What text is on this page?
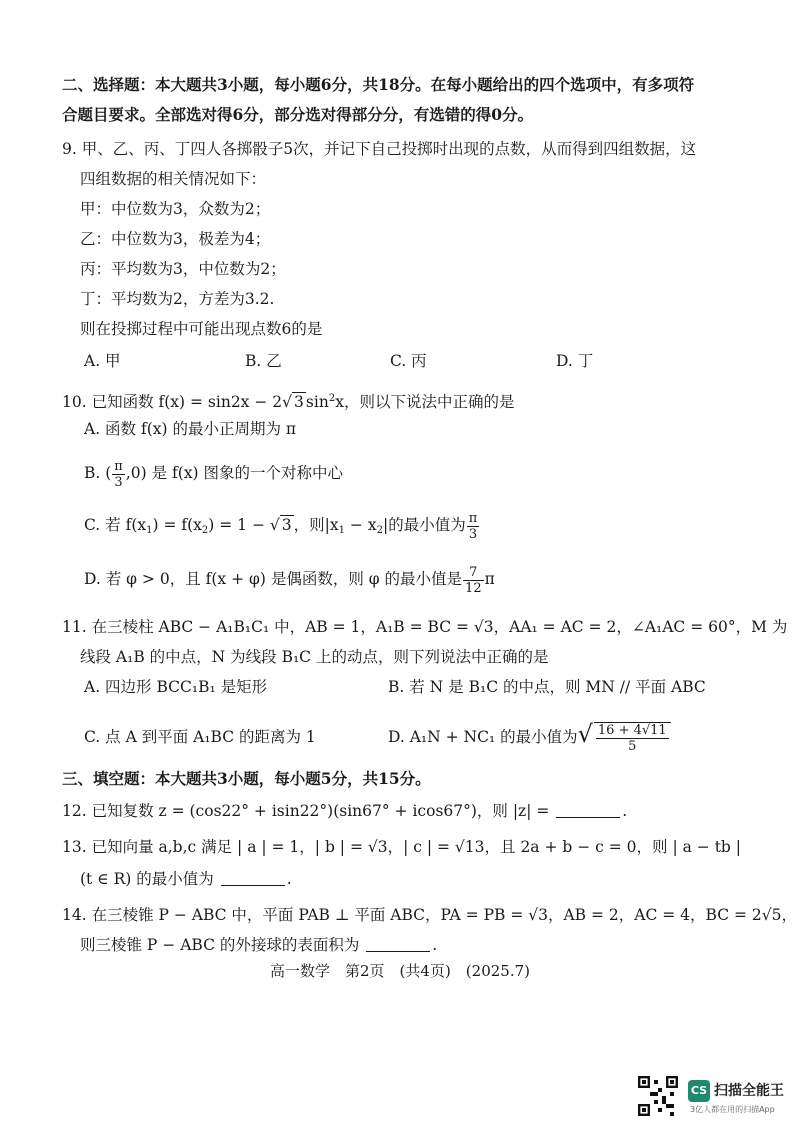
二、选择题：本大题共3小题，每小题6分，共18分。在每小题给出的四个选项中，有多项符
合题目要求。全部选对得6分，部分选对得部分分，有选错的得0分。
9. 甲、乙、丙、丁四人各掷骰子5次，并记下自己投掷时出现的点数，从而得到四组数据，这
四组数据的相关情况如下：
甲：中位数为3，众数为2；
乙：中位数为3，极差为4；
丙：平均数为3，中位数为2；
丁：平均数为2，方差为3.2.
则在投掷过程中可能出现点数6的是
A. 甲	B. 乙	C. 丙	D. 丁
10. 已知函数 f(x) = sin2x − 2√ 3 $\sin^2x$，则以下说法中正确的是
A. 函数 f(x) 的最小正周期为 π
B. ( $\frac{\pi}{3} ,0$) 是 f(x) 图象的一个对称中心
C. 若 $f(x_1) = f(x_2) = 1$ − √ 3 ，则$|x_1 - x_2|$的最小值为 $\frac{\pi}{3}$
D. 若 φ > 0，且 f(x + φ) 是偶函数，则 φ 的最小值是 $\frac{7}{12}$ π
11. 在三棱柱 ABC − A₁B₁C₁ 中，AB = 1，A₁B = BC = √3，AA₁ = AC = 2，∠A₁AC = 60°，M 为
线段 A₁B 的中点，N 为线段 B₁C 上的动点，则下列说法中正确的是
A. 四边形 BCC₁B₁ 是矩形	B. 若 N 是 B₁C 的中点，则 MN // 平面 ABC
C. 点 A 到平面 A₁BC 的距离为 1	D. A₁N + NC₁ 的最小值为√ $\frac{16 + 4√11}{5}$
三、填空题：本大题共3小题，每小题5分，共15分。
12. 已知复数 z = (cos22° + isin22°)(sin67° + icos67°)，则 |z| =	.
13. 已知向量 a,b,c 满足 | a | = 1，| b | = √3，| c | = √13，且 2a + b − c = 0，则 | a − tb |
(t ∈ R) 的最小值为	.
14. 在三棱锥 P − ABC 中，平面 PAB ⊥ 平面 ABC，PA = PB = √3，AB = 2，AC = 4，BC = 2√5，
则三棱锥 P − ABC 的外接球的表面积为	.
高一数学　第2页　(共4页)　(2025.7)
CS 扫描全能王
3亿人都在用的扫描App
